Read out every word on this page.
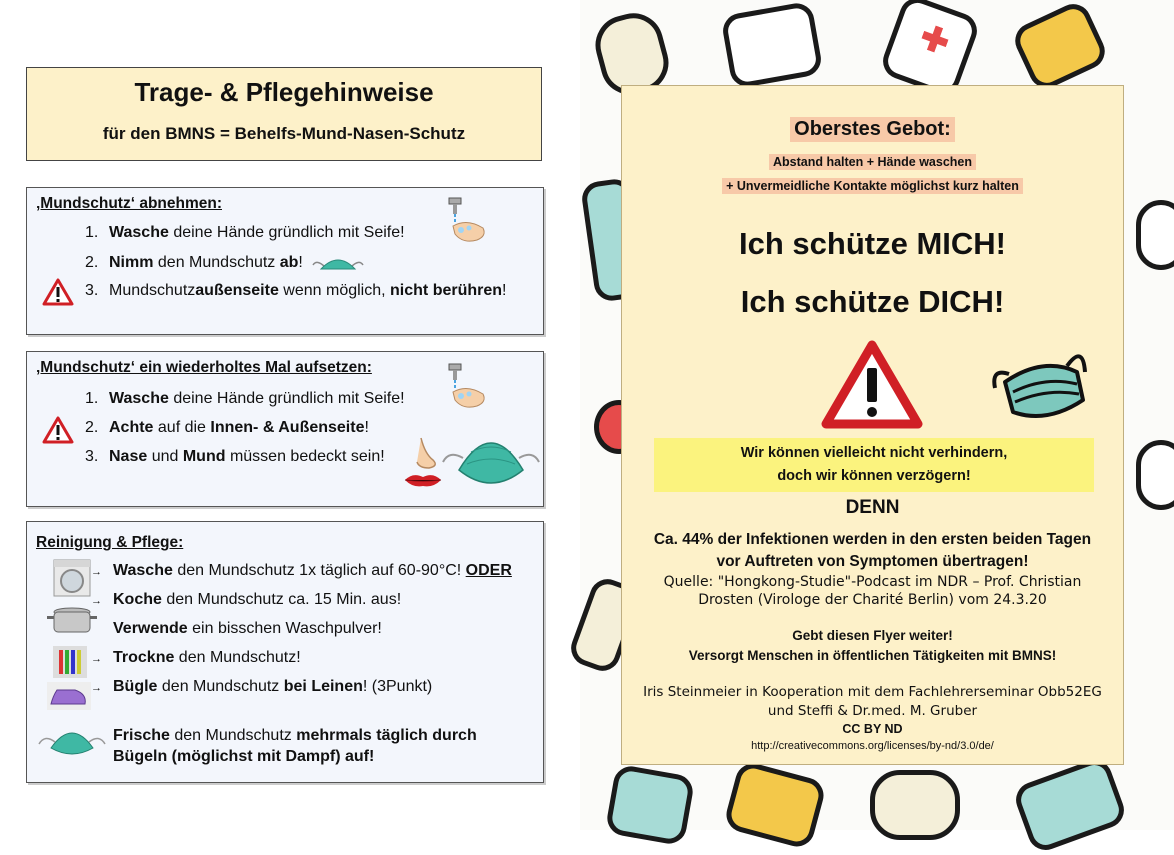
Trage- & Pflegehinweise
für den BMNS = Behelfs-Mund-Nasen-Schutz
‚Mundschutz‘ abnehmen:
1. Wasche deine Hände gründlich mit Seife!
2. Nimm den Mundschutz ab!
3. Mundschutzaußenseite wenn möglich, nicht berühren!
‚Mundschutz‘ ein wiederholtes Mal aufsetzen:
1. Wasche deine Hände gründlich mit Seife!
2. Achte auf die Innen- & Außenseite!
3. Nase und Mund müssen bedeckt sein!
Reinigung & Pflege:
Wasche den Mundschutz 1x täglich auf 60-90°C! ODER
Koche den Mundschutz ca. 15 Min. aus!
Verwende ein bisschen Waschpulver!
Trockne den Mundschutz!
Bügle den Mundschutz bei Leinen! (3Punkt)
Frische den Mundschutz mehrmals täglich durch
Bügeln (möglichst mit Dampf) auf!
→
→
→
→
Oberstes Gebot:
Abstand halten + Hände waschen
+ Unvermeidliche Kontakte möglichst kurz halten
Ich schütze MICH!
Ich schütze DICH!
Wir können vielleicht nicht verhindern,
doch wir können verzögern!
DENN
Ca. 44% der Infektionen werden in den ersten beiden Tagen
vor Auftreten von Symptomen übertragen!
Quelle: "Hongkong-Studie"-Podcast im NDR – Prof. Christian
Drosten (Virologe der Charité Berlin) vom 24.3.20
Gebt diesen Flyer weiter!
Versorgt Menschen in öffentlichen Tätigkeiten mit BMNS!
Iris Steinmeier in Kooperation mit dem Fachlehrerseminar Obb52EG
und Steffi & Dr.med. M. Gruber
CC BY ND
http://creativecommons.org/licenses/by-nd/3.0/de/
